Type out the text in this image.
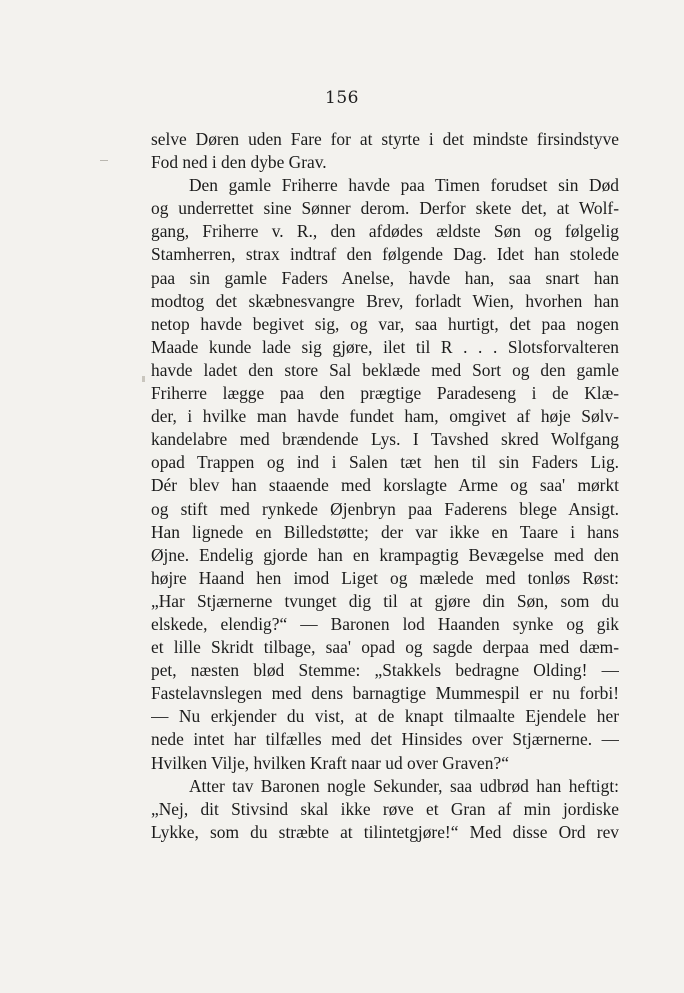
156
selve Døren uden Fare for at styrte i det mindste firsindstyve
Fod ned i den dybe Grav.
Den gamle Friherre havde paa Timen forudset sin Død
og underrettet sine Sønner derom. Derfor skete det, at Wolf-
gang, Friherre v. R., den afdødes ældste Søn og følgelig
Stamherren, strax indtraf den følgende Dag. Idet han stolede
paa sin gamle Faders Anelse, havde han, saa snart han
modtog det skæbnesvangre Brev, forladt Wien, hvorhen han
netop havde begivet sig, og var, saa hurtigt, det paa nogen
Maade kunde lade sig gjøre, ilet til R . . . Slotsforvalteren
havde ladet den store Sal beklæde med Sort og den gamle
Friherre lægge paa den prægtige Paradeseng i de Klæ-
der, i hvilke man havde fundet ham, omgivet af høje Sølv-
kandelabre med brændende Lys. I Tavshed skred Wolfgang
opad Trappen og ind i Salen tæt hen til sin Faders Lig.
Dér blev han staaende med korslagte Arme og saa' mørkt
og stift med rynkede Øjenbryn paa Faderens blege Ansigt.
Han lignede en Billedstøtte; der var ikke en Taare i hans
Øjne. Endelig gjorde han en krampagtig Bevægelse med den
højre Haand hen imod Liget og mælede med tonløs Røst:
„Har Stjærnerne tvunget dig til at gjøre din Søn, som du
elskede, elendig?“ — Baronen lod Haanden synke og gik
et lille Skridt tilbage, saa' opad og sagde derpaa med dæm-
pet, næsten blød Stemme: „Stakkels bedragne Olding! —
Fastelavnslegen med dens barnagtige Mummespil er nu forbi!
— Nu erkjender du vist, at de knapt tilmaalte Ejendele her
nede intet har tilfælles med det Hinsides over Stjærnerne. —
Hvilken Vilje, hvilken Kraft naar ud over Graven?“
Atter tav Baronen nogle Sekunder, saa udbrød han heftigt:
„Nej, dit Stivsind skal ikke røve et Gran af min jordiske
Lykke, som du stræbte at tilintetgjøre!“ Med disse Ord rev
